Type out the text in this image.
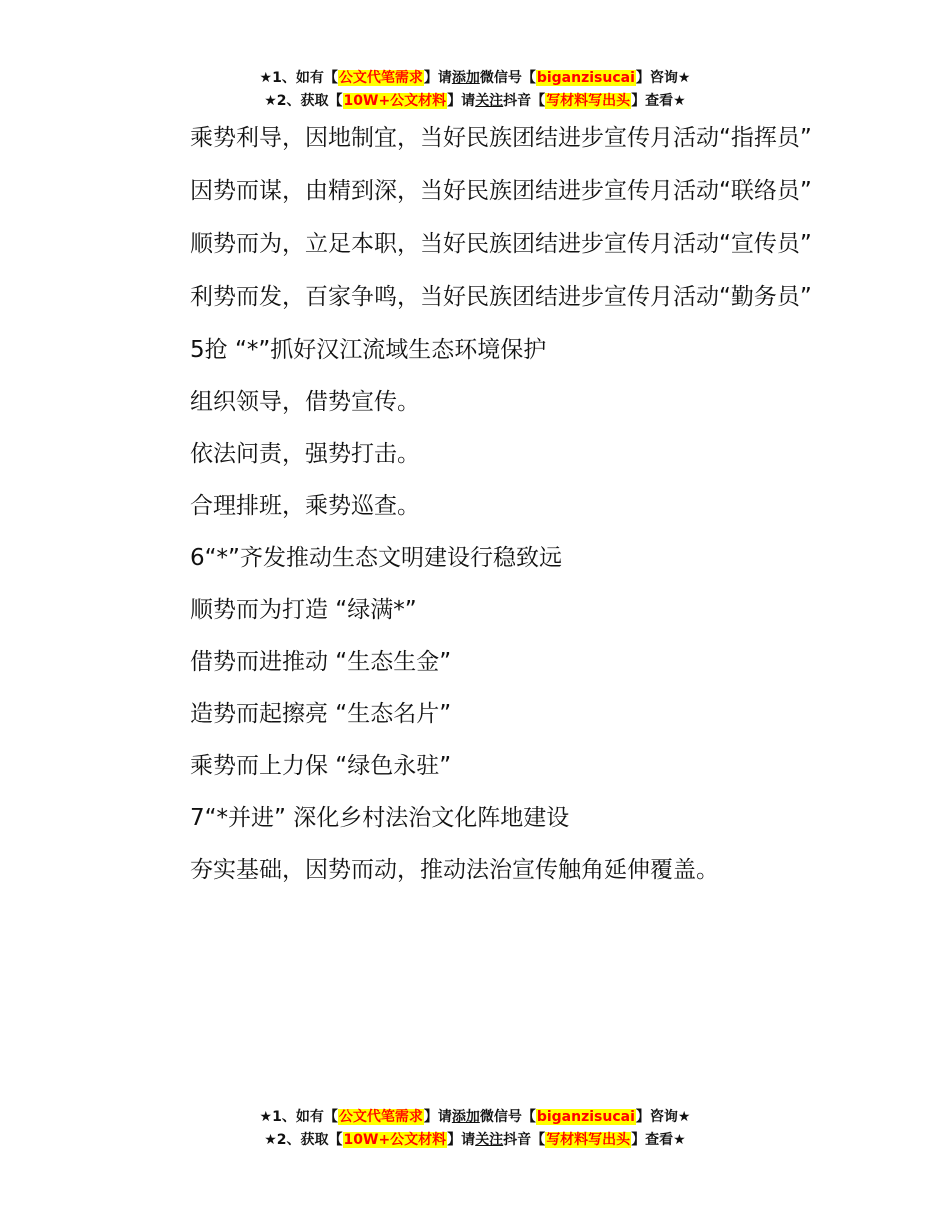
★1、如有【公文代笔需求】请添加微信号【biganzisucai】咨询★
★2、获取【10W+公文材料】请关注抖音【写材料写出头】查看★

乘势利导，因地制宜，当好民族团结进步宣传月活动“指挥员”

因势而谋，由精到深，当好民族团结进步宣传月活动“联络员”

顺势而为，立足本职，当好民族团结进步宣传月活动“宣传员”

利势而发，百家争鸣，当好民族团结进步宣传月活动“勤务员”

5抢 “*”抓好汉江流域生态环境保护

组织领导，借势宣传。

依法问责，强势打击。

合理排班，乘势巡查。

6“*”齐发推动生态文明建设行稳致远

顺势而为打造 “绿满*”

借势而进推动 “生态生金”

造势而起擦亮 “生态名片”

乘势而上力保 “绿色永驻”

7“*并进” 深化乡村法治文化阵地建设

夯实基础，因势而动，推动法治宣传触角延伸覆盖。

★1、如有【公文代笔需求】请添加微信号【biganzisucai】咨询★
★2、获取【10W+公文材料】请关注抖音【写材料写出头】查看★
